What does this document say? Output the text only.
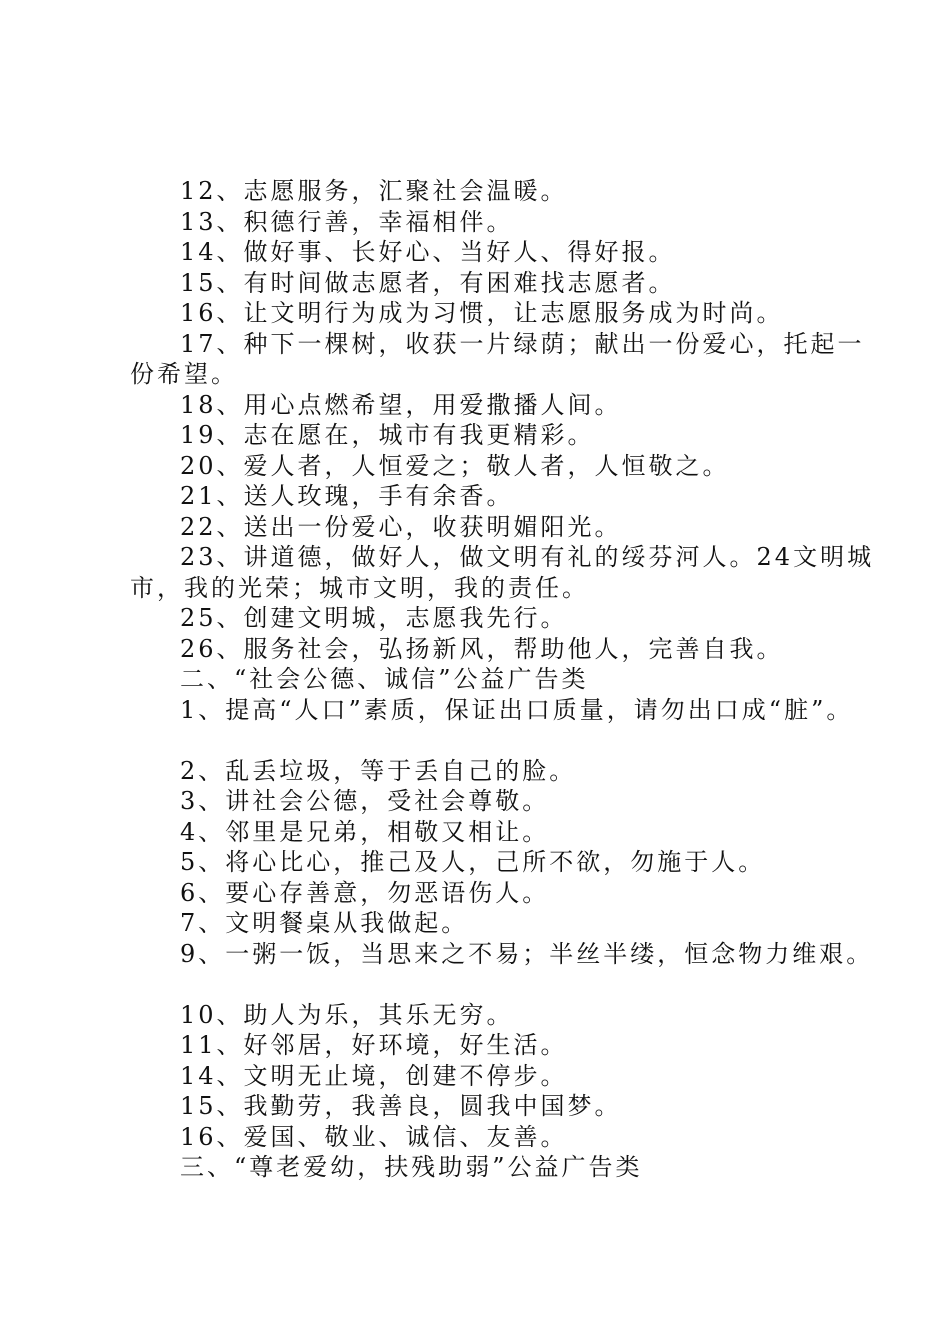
12、志愿服务，汇聚社会温暖。
13、积德行善，幸福相伴。
14、做好事、长好心、当好人、得好报。
15、有时间做志愿者，有困难找志愿者。
16、让文明行为成为习惯，让志愿服务成为时尚。
17、种下一棵树，收获一片绿荫；献出一份爱心，托起一
份希望。
18、用心点燃希望，用爱撒播人间。
19、志在愿在，城市有我更精彩。
20、爱人者，人恒爱之；敬人者，人恒敬之。
21、送人玫瑰，手有余香。
22、送出一份爱心，收获明媚阳光。
23、讲道德，做好人，做文明有礼的绥芬河人。24文明城
市，我的光荣；城市文明，我的责任。
25、创建文明城，志愿我先行。
26、服务社会，弘扬新风，帮助他人，完善自我。
二、“社会公德、诚信”公益广告类
1、提高“人口”素质，保证出口质量，请勿出口成“脏”。
2、乱丢垃圾，等于丢自己的脸。
3、讲社会公德，受社会尊敬。
4、邻里是兄弟，相敬又相让。
5、将心比心，推己及人，己所不欲，勿施于人。
6、要心存善意，勿恶语伤人。
7、文明餐桌从我做起。
9、一粥一饭，当思来之不易；半丝半缕，恒念物力维艰。
10、助人为乐，其乐无穷。
11、好邻居，好环境，好生活。
14、文明无止境，创建不停步。
15、我勤劳，我善良，圆我中国梦。
16、爱国、敬业、诚信、友善。
三、“尊老爱幼，扶残助弱”公益广告类
